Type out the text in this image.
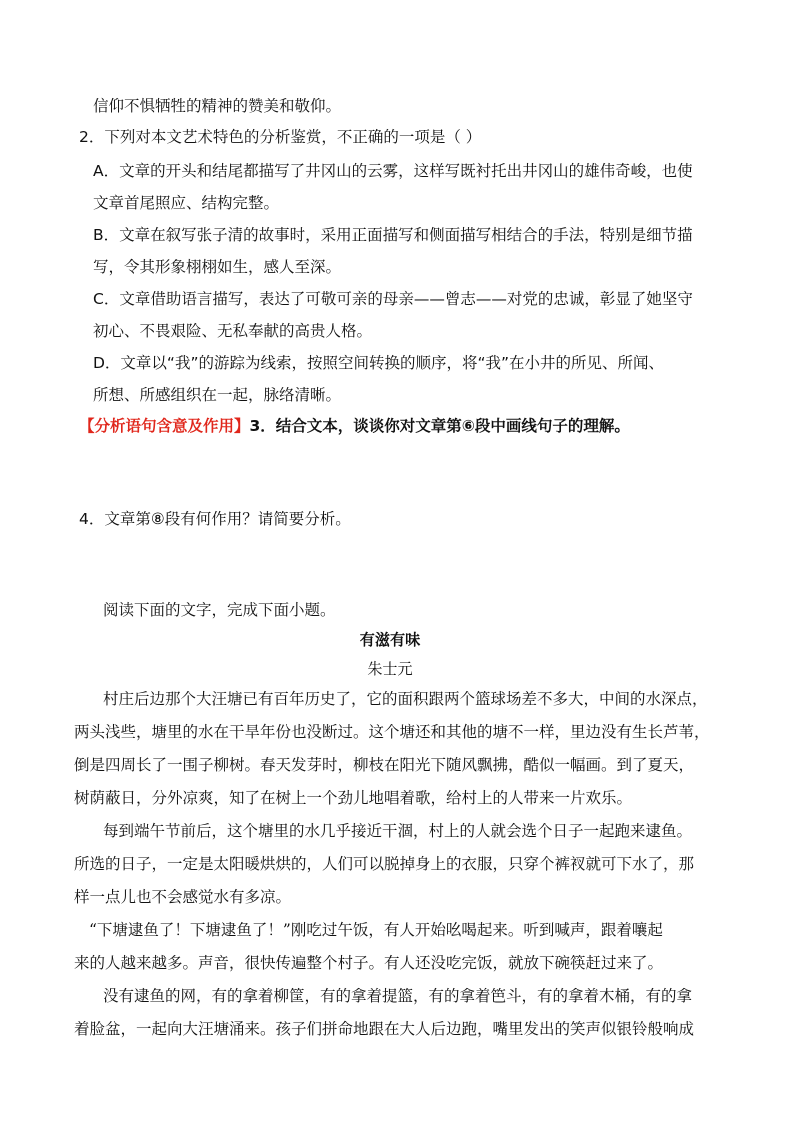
信仰不惧牺牲的精神的赞美和敬仰。
2．下列对本文艺术特色的分析鉴赏，不正确的一项是（ ）
A．文章的开头和结尾都描写了井冈山的云雾，这样写既衬托出井冈山的雄伟奇峻，也使
文章首尾照应、结构完整。
B．文章在叙写张子清的故事时，采用正面描写和侧面描写相结合的手法，特别是细节描
写，令其形象栩栩如生，感人至深。
C．文章借助语言描写，表达了可敬可亲的母亲——曾志——对党的忠诚，彰显了她坚守
初心、不畏艰险、无私奉献的高贵人格。
D．文章以“我”的游踪为线索，按照空间转换的顺序，将“我”在小井的所见、所闻、
所想、所感组织在一起，脉络清晰。
【分析语句含意及作用】3．结合文本，谈谈你对文章第⑥段中画线句子的理解。
4．文章第⑧段有何作用？请简要分析。
阅读下面的文字，完成下面小题。
有滋有味
朱士元
村庄后边那个大汪塘已有百年历史了，它的面积跟两个篮球场差不多大，中间的水深点，
两头浅些，塘里的水在干旱年份也没断过。这个塘还和其他的塘不一样，里边没有生长芦苇，
倒是四周长了一围子柳树。春天发芽时，柳枝在阳光下随风飘拂，酷似一幅画。到了夏天，
树荫蔽日，分外凉爽，知了在树上一个劲儿地唱着歌，给村上的人带来一片欢乐。
每到端午节前后，这个塘里的水几乎接近干涸，村上的人就会选个日子一起跑来逮鱼。
所选的日子，一定是太阳暖烘烘的，人们可以脱掉身上的衣服，只穿个裤衩就可下水了，那
样一点儿也不会感觉水有多凉。
“下塘逮鱼了！下塘逮鱼了！”刚吃过午饭，有人开始吆喝起来。听到喊声，跟着嚷起
来的人越来越多。声音，很快传遍整个村子。有人还没吃完饭，就放下碗筷赶过来了。
没有逮鱼的网，有的拿着柳筐，有的拿着提篮，有的拿着笆斗，有的拿着木桶，有的拿
着脸盆，一起向大汪塘涌来。孩子们拼命地跟在大人后边跑，嘴里发出的笑声似银铃般响成
